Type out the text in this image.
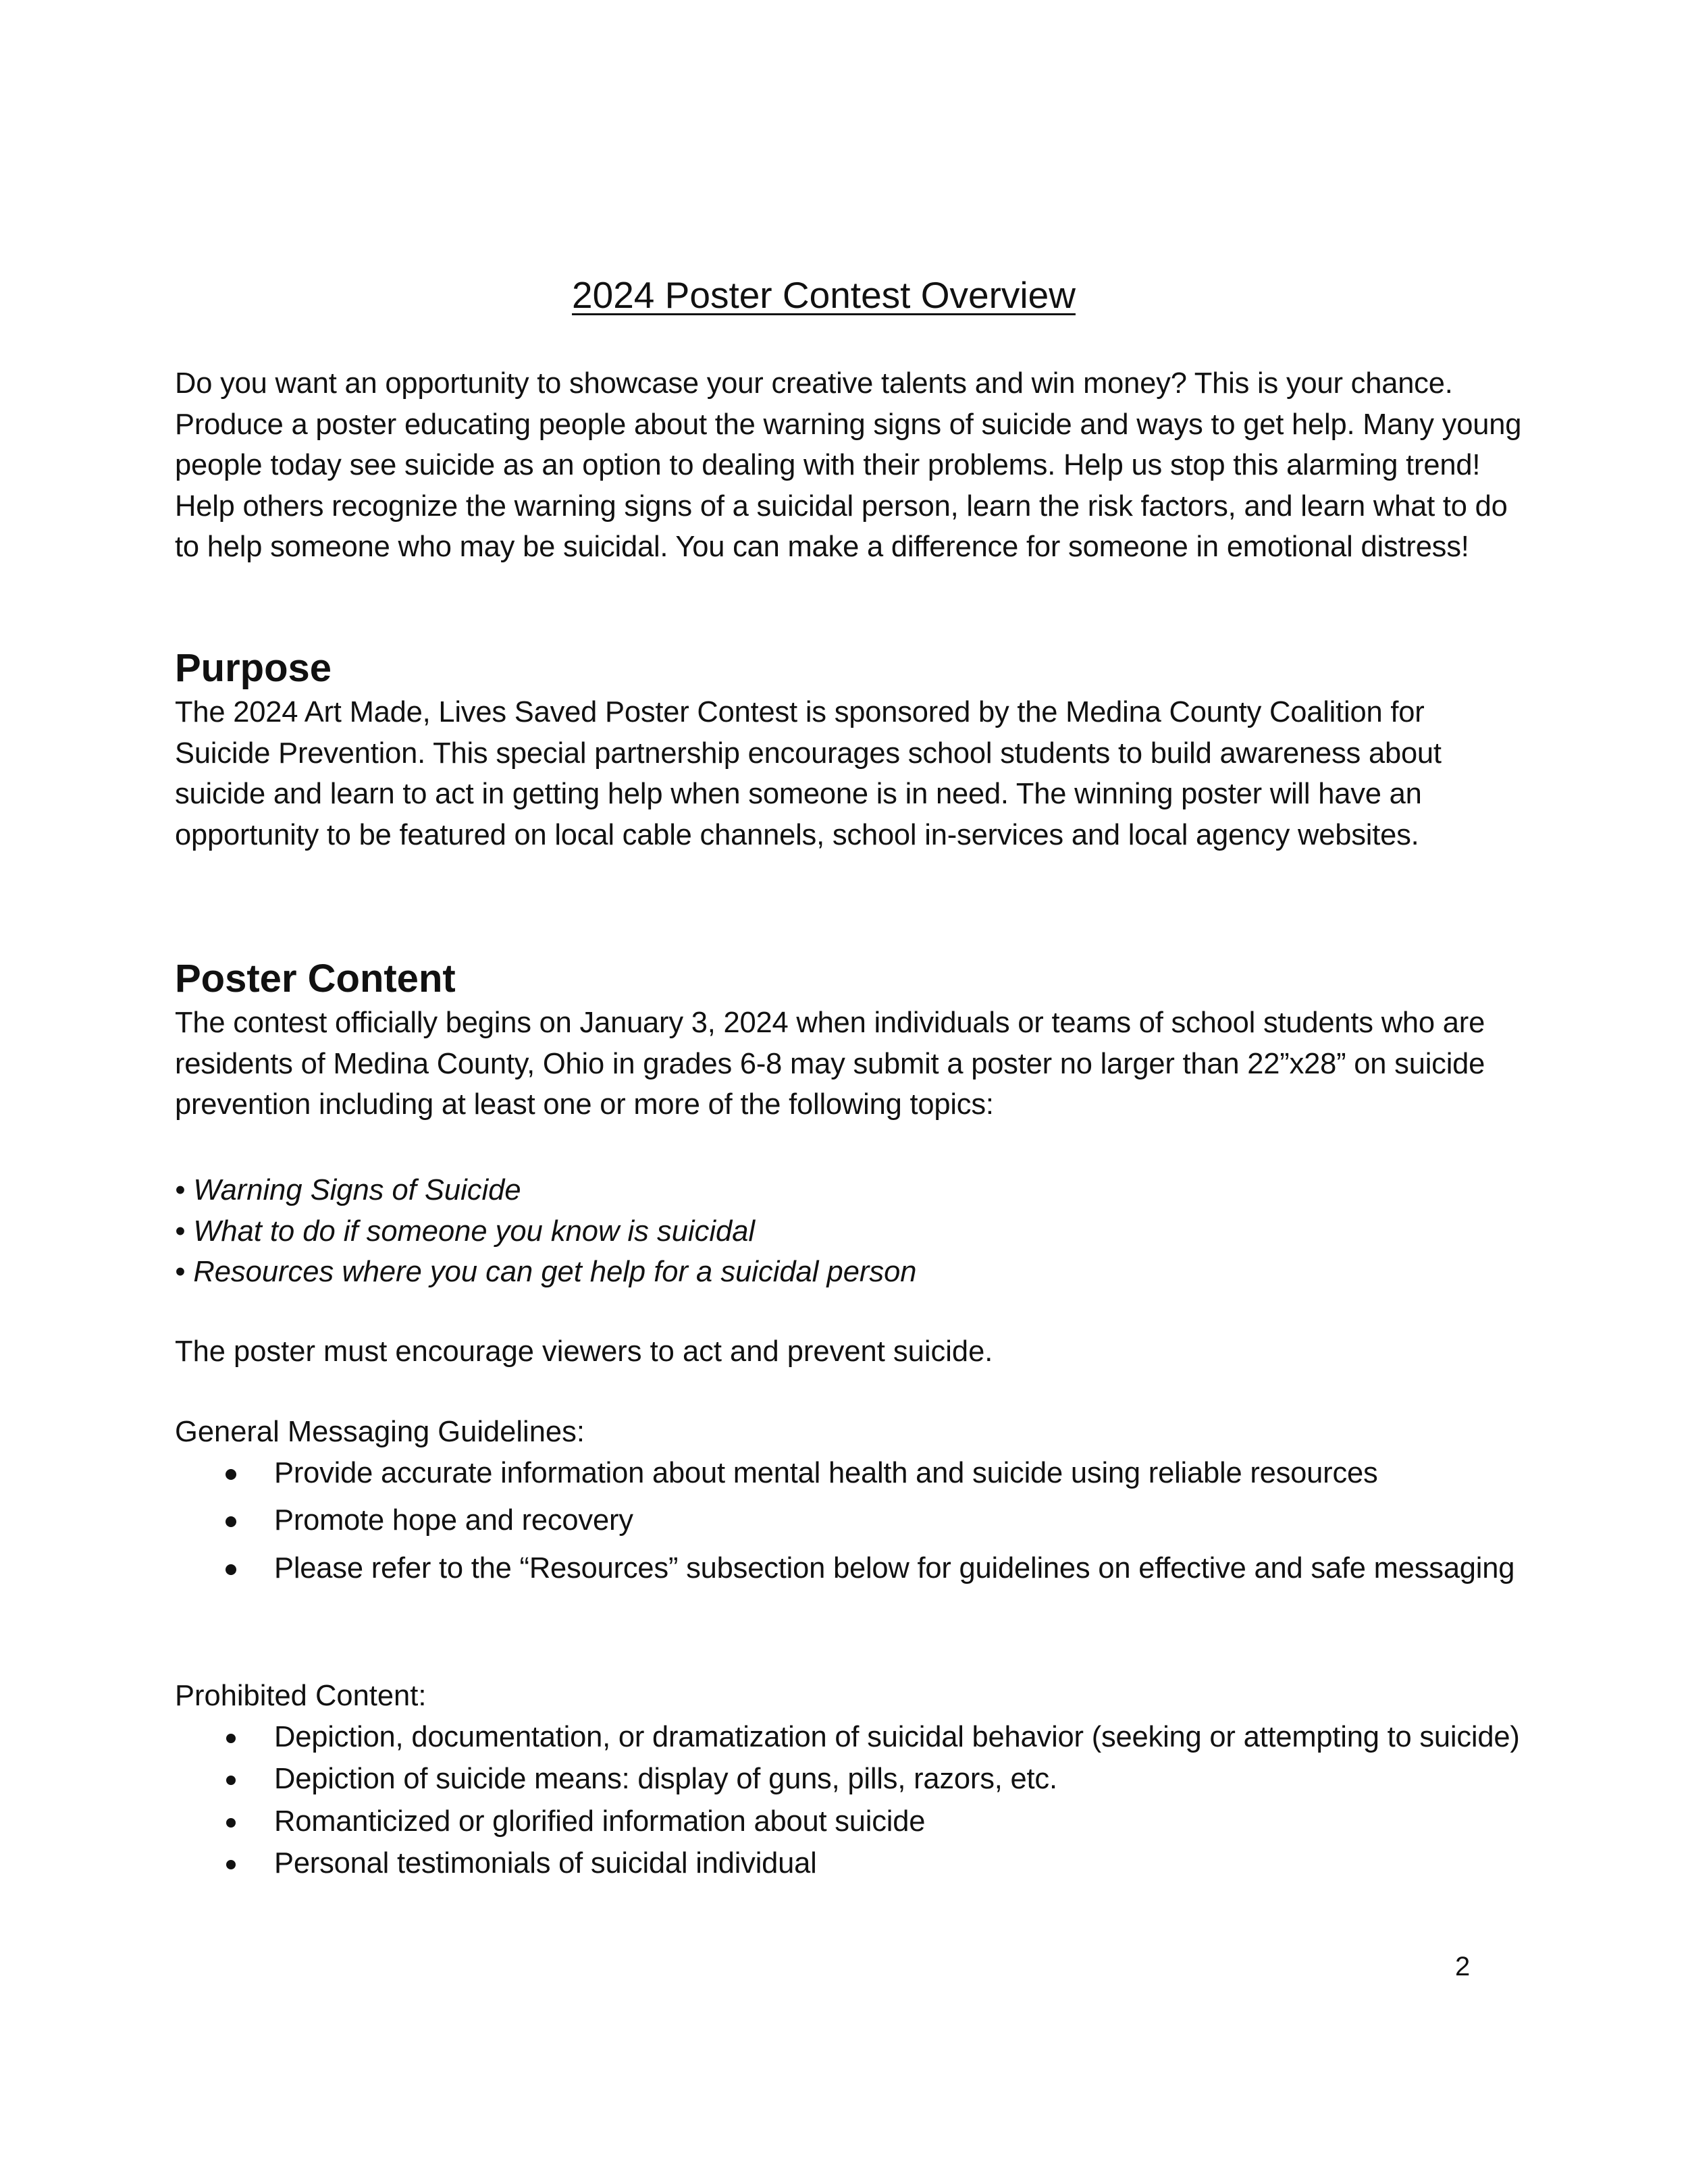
2024 Poster Contest Overview

Do you want an opportunity to showcase your creative talents and win money? This is your chance. Produce a poster educating people about the warning signs of suicide and ways to get help. Many young people today see suicide as an option to dealing with their problems. Help us stop this alarming trend! Help others recognize the warning signs of a suicidal person, learn the risk factors, and learn what to do to help someone who may be suicidal. You can make a difference for someone in emotional distress!

Purpose

The 2024 Art Made, Lives Saved Poster Contest is sponsored by the Medina County Coalition for Suicide Prevention. This special partnership encourages school students to build awareness about suicide and learn to act in getting help when someone is in need. The winning poster will have an opportunity to be featured on local cable channels, school in-services and local agency websites.

Poster Content

The contest officially begins on January 3, 2024 when individuals or teams of school students who are residents of Medina County, Ohio in grades 6-8 may submit a poster no larger than 22”x28” on suicide prevention including at least one or more of the following topics:

• Warning Signs of Suicide
• What to do if someone you know is suicidal
• Resources where you can get help for a suicidal person

The poster must encourage viewers to act and prevent suicide.

General Messaging Guidelines:

Provide accurate information about mental health and suicide using reliable resources
Promote hope and recovery
Please refer to the “Resources” subsection below for guidelines on effective and safe messaging

Prohibited Content:

Depiction, documentation, or dramatization of suicidal behavior (seeking or attempting to suicide)
Depiction of suicide means: display of guns, pills, razors, etc.
Romanticized or glorified information about suicide
Personal testimonials of suicidal individual
2
